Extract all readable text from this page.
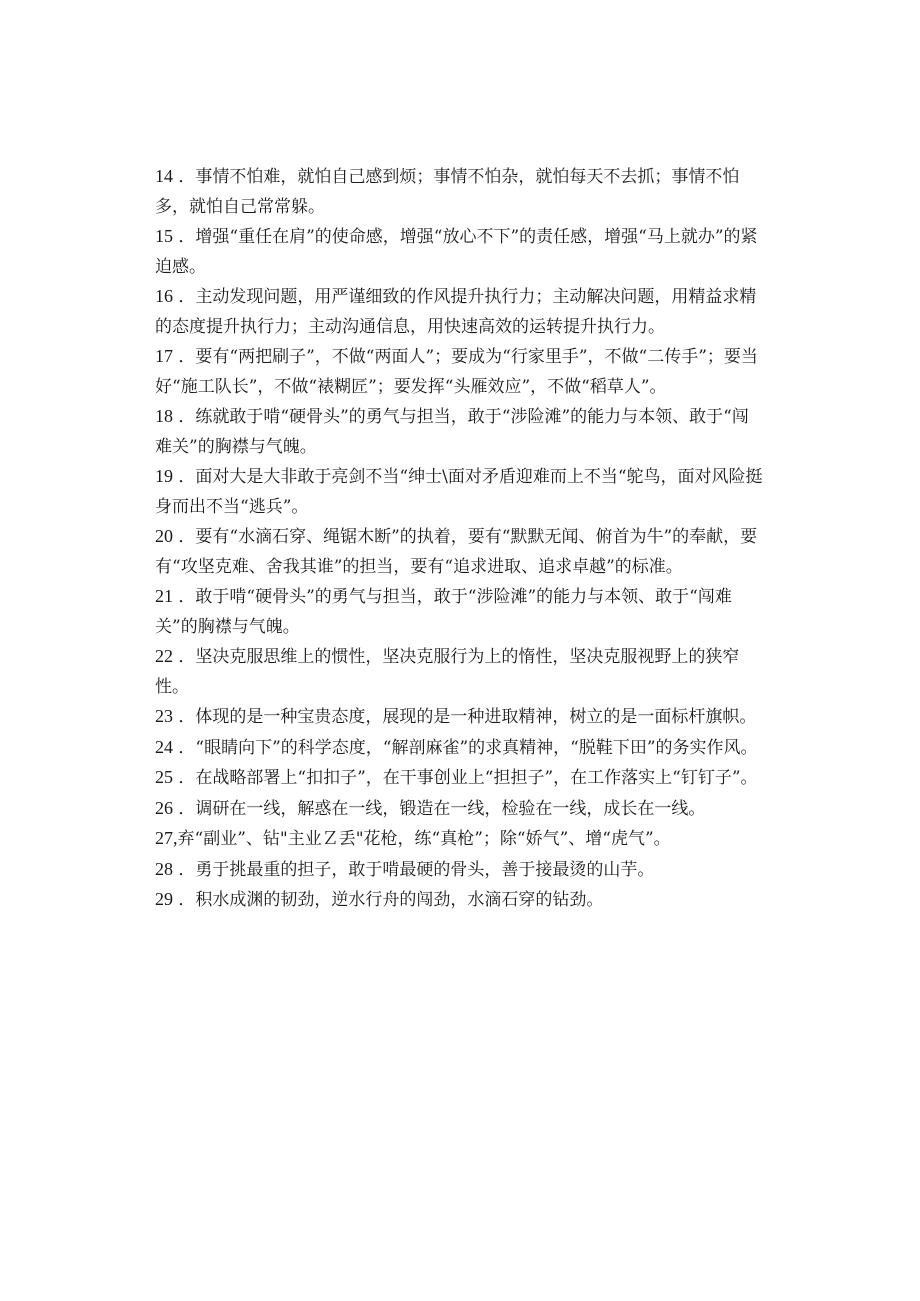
14 ．事情不怕难，就怕自己感到烦；事情不怕杂，就怕每天不去抓；事情不怕多，就怕自己常常躲。

15 ．增强“重任在肩”的使命感，增强“放心不下”的责任感，增强“马上就办”的紧迫感。

16 ．主动发现问题，用严谨细致的作风提升执行力；主动解决问题，用精益求精的态度提升执行力；主动沟通信息，用快速高效的运转提升执行力。

17 ．要有“两把刷子”，不做“两面人”；要成为“行家里手”，不做“二传手”；要当好“施工队长”，不做“裱糊匠”；要发挥“头雁效应”，不做“稻草人”。

18 ．练就敢于啃“硬骨头”的勇气与担当，敢于“涉险滩”的能力与本领、敢于“闯难关”的胸襟与气魄。

19 ．面对大是大非敢于亮剑不当“绅士\面对矛盾迎难而上不当“鸵鸟，面对风险挺身而出不当“逃兵”。

20 ．要有“水滴石穿、绳锯木断”的执着，要有“默默无闻、俯首为牛”的奉献，要有“攻坚克难、舍我其谁”的担当，要有“追求进取、追求卓越”的标准。

21 ．敢于啃“硬骨头”的勇气与担当，敢于“涉险滩”的能力与本领、敢于“闯难关”的胸襟与气魄。

22 ．坚决克服思维上的惯性，坚决克服行为上的惰性，坚决克服视野上的狭窄性。

23 ．体现的是一种宝贵态度，展现的是一种进取精神，树立的是一面标杆旗帜。

24 ．“眼睛向下”的科学态度，“解剖麻雀”的求真精神，“脱鞋下田”的务实作风。

25 ．在战略部署上“扣扣子”，在干事创业上“担担子”，在工作落实上“钉钉子”。

26 ．调研在一线，解惑在一线，锻造在一线，检验在一线，成长在一线。

27,弃“副业”、钻"主业Ｚ丢"花枪，练“真枪”；除“娇气”、增“虎气”。

28 ．勇于挑最重的担子，敢于啃最硬的骨头，善于接最烫的山芋。

29 ．积水成渊的韧劲，逆水行舟的闯劲，水滴石穿的钻劲。
